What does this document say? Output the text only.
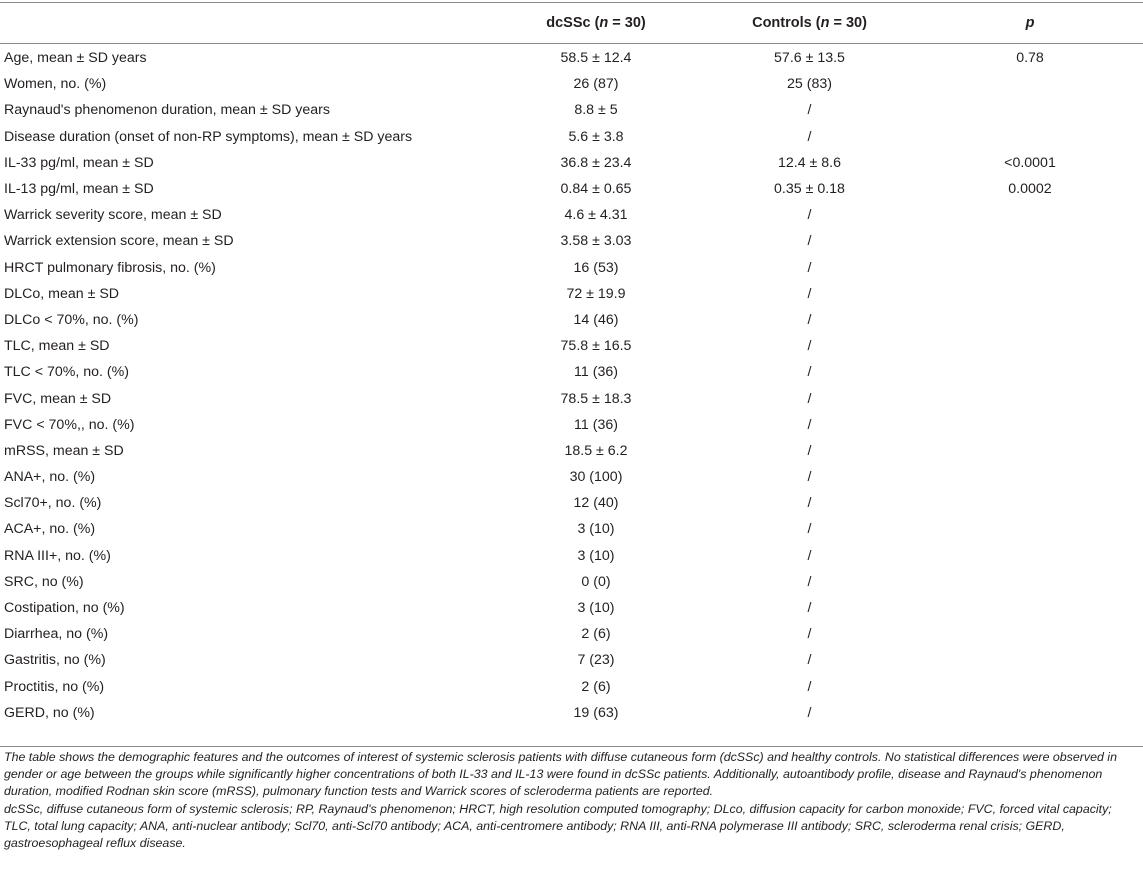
	dcSSc (n = 30)	Controls (n = 30)	p
Age, mean ± SD years	58.5 ± 12.4	57.6 ± 13.5	0.78
Women, no. (%)	26 (87)	25 (83)	
Raynaud's phenomenon duration, mean ± SD years	8.8 ± 5	/	
Disease duration (onset of non-RP symptoms), mean ± SD years	5.6 ± 3.8	/	
IL-33 pg/ml, mean ± SD	36.8 ± 23.4	12.4 ± 8.6	<0.0001
IL-13 pg/ml, mean ± SD	0.84 ± 0.65	0.35 ± 0.18	0.0002
Warrick severity score, mean ± SD	4.6 ± 4.31	/	
Warrick extension score, mean ± SD	3.58 ± 3.03	/	
HRCT pulmonary fibrosis, no. (%)	16 (53)	/	
DLCo, mean ± SD	72 ± 19.9	/	
DLCo < 70%, no. (%)	14 (46)	/	
TLC, mean ± SD	75.8 ± 16.5	/	
TLC < 70%, no. (%)	11 (36)	/	
FVC, mean ± SD	78.5 ± 18.3	/	
FVC < 70%,, no. (%)	11 (36)	/	
mRSS, mean ± SD	18.5 ± 6.2	/	
ANA+, no. (%)	30 (100)	/	
Scl70+, no. (%)	12 (40)	/	
ACA+, no. (%)	3 (10)	/	
RNA III+, no. (%)	3 (10)	/	
SRC, no (%)	0 (0)	/	
Costipation, no (%)	3 (10)	/	
Diarrhea, no (%)	2 (6)	/	
Gastritis, no (%)	7 (23)	/	
Proctitis, no (%)	2 (6)	/	
GERD, no (%)	19 (63)	/	

The table shows the demographic features and the outcomes of interest of systemic sclerosis patients with diffuse cutaneous form (dcSSc) and healthy controls. No statistical differences were observed in gender or age between the groups while significantly higher concentrations of both IL-33 and IL-13 were found in dcSSc patients. Additionally, autoantibody profile, disease and Raynaud's phenomenon duration, modified Rodnan skin score (mRSS), pulmonary function tests and Warrick scores of scleroderma patients are reported.

dcSSc, diffuse cutaneous form of systemic sclerosis; RP, Raynaud's phenomenon; HRCT, high resolution computed tomography; DLco, diffusion capacity for carbon monoxide; FVC, forced vital capacity; TLC, total lung capacity; ANA, anti-nuclear antibody; Scl70, anti-Scl70 antibody; ACA, anti-centromere antibody; RNA III, anti-RNA polymerase III antibody; SRC, scleroderma renal crisis; GERD, gastroesophageal reflux disease.
